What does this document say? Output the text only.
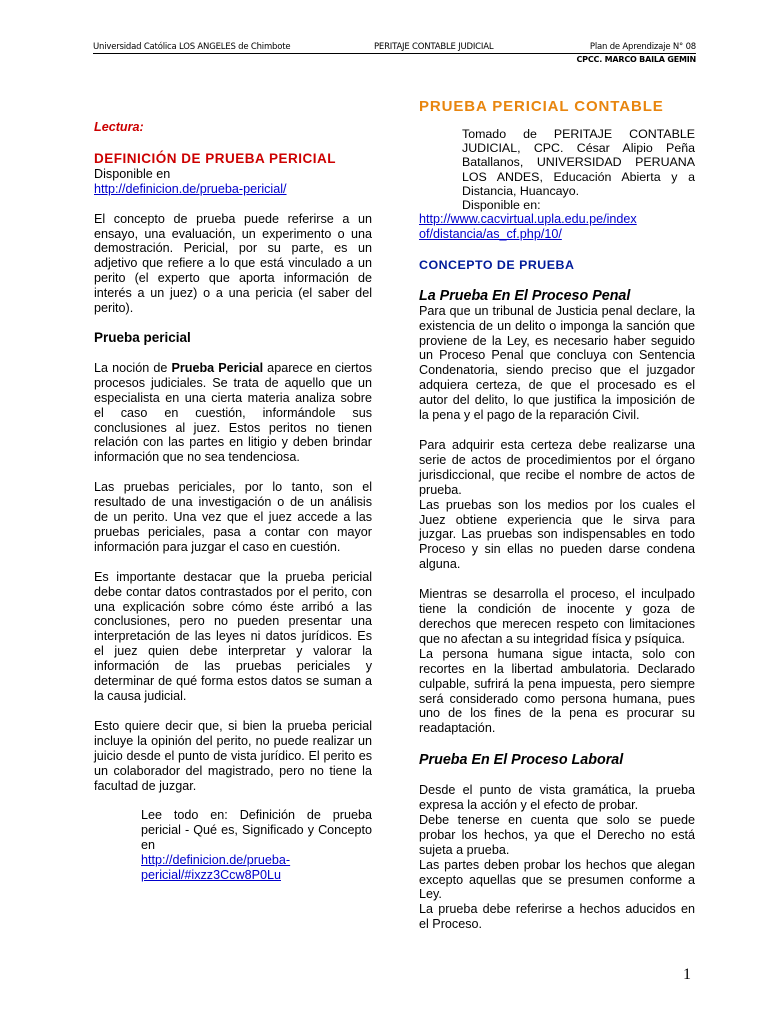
Universidad Católica LOS ANGELES de Chimbote	PERITAJE CONTABLE JUDICIAL	Plan de Aprendizaje N° 08
CPCC. MARCO BAILA GEMIN

Lectura:

DEFINICIÓN DE PRUEBA PERICIAL

Disponible en

http://definicion.de/prueba-pericial/

El concepto de prueba puede referirse a un ensayo, una evaluación, un experimento o una demostración. Pericial, por su parte, es un adjetivo que refiere a lo que está vinculado a un perito (el experto que aporta información de interés a un juez) o a una pericia (el saber del perito).

Prueba pericial

La noción de Prueba Pericial aparece en ciertos procesos judiciales. Se trata de aquello que un especialista en una cierta materia analiza sobre el caso en cuestión, informándole sus conclusiones al juez. Estos peritos no tienen relación con las partes en litigio y deben brindar información que no sea tendenciosa.

Las pruebas periciales, por lo tanto, son el resultado de una investigación o de un análisis de un perito. Una vez que el juez accede a las pruebas periciales, pasa a contar con mayor información para juzgar el caso en cuestión.

Es importante destacar que la prueba pericial debe contar datos contrastados por el perito, con una explicación sobre cómo éste arribó a las conclusiones, pero no pueden presentar una interpretación de las leyes ni datos jurídicos. Es el juez quien debe interpretar y valorar la información de las pruebas periciales y determinar de qué forma estos datos se suman a la causa judicial.

Esto quiere decir que, si bien la prueba pericial incluye la opinión del perito, no puede realizar un juicio desde el punto de vista jurídico. El perito es un colaborador del magistrado, pero no tiene la facultad de juzgar.

Lee todo en: Definición de prueba pericial - Qué es, Significado y Concepto en

http://definicion.de/prueba-

pericial/#ixzz3Ccw8P0Lu

PRUEBA PERICIAL CONTABLE

Tomado de PERITAJE CONTABLE JUDICIAL, CPC. César Alipio Peña Batallanos, UNIVERSIDAD PERUANA LOS ANDES, Educación Abierta y a Distancia, Huancayo.

Disponible en:

http://www.cacvirtual.upla.edu.pe/index

of/distancia/as_cf.php/10/

CONCEPTO DE PRUEBA

La Prueba En El Proceso Penal

Para que un tribunal de Justicia penal declare, la existencia de un delito o imponga la sanción que proviene de la Ley, es necesario haber seguido un Proceso Penal que concluya con Sentencia Condenatoria, siendo preciso que el juzgador adquiera certeza, de que el procesado es el autor del delito, lo que justifica la imposición de la pena y el pago de la reparación Civil.

Para adquirir esta certeza debe realizarse una serie de actos de procedimientos por el órgano jurisdiccional, que recibe el nombre de actos de prueba.

Las pruebas son los medios por los cuales el Juez obtiene experiencia que le sirva para juzgar. Las pruebas son indispensables en todo Proceso y sin ellas no pueden darse condena alguna.

Mientras se desarrolla el proceso, el inculpado tiene la condición de inocente y goza de derechos que merecen respeto con limitaciones que no afectan a su integridad física y psíquica.

La persona humana sigue intacta, solo con recortes en la libertad ambulatoria. Declarado culpable, sufrirá la pena impuesta, pero siempre será considerado como persona humana, pues uno de los fines de la pena es procurar su readaptación.

Prueba En El Proceso Laboral

Desde el punto de vista gramática, la prueba expresa la acción y el efecto de probar.

Debe tenerse en cuenta que solo se puede probar los hechos, ya que el Derecho no está sujeta a prueba.

Las partes deben probar los hechos que alegan excepto aquellas que se presumen conforme a Ley.

La prueba debe referirse a hechos aducidos en el Proceso.

1
